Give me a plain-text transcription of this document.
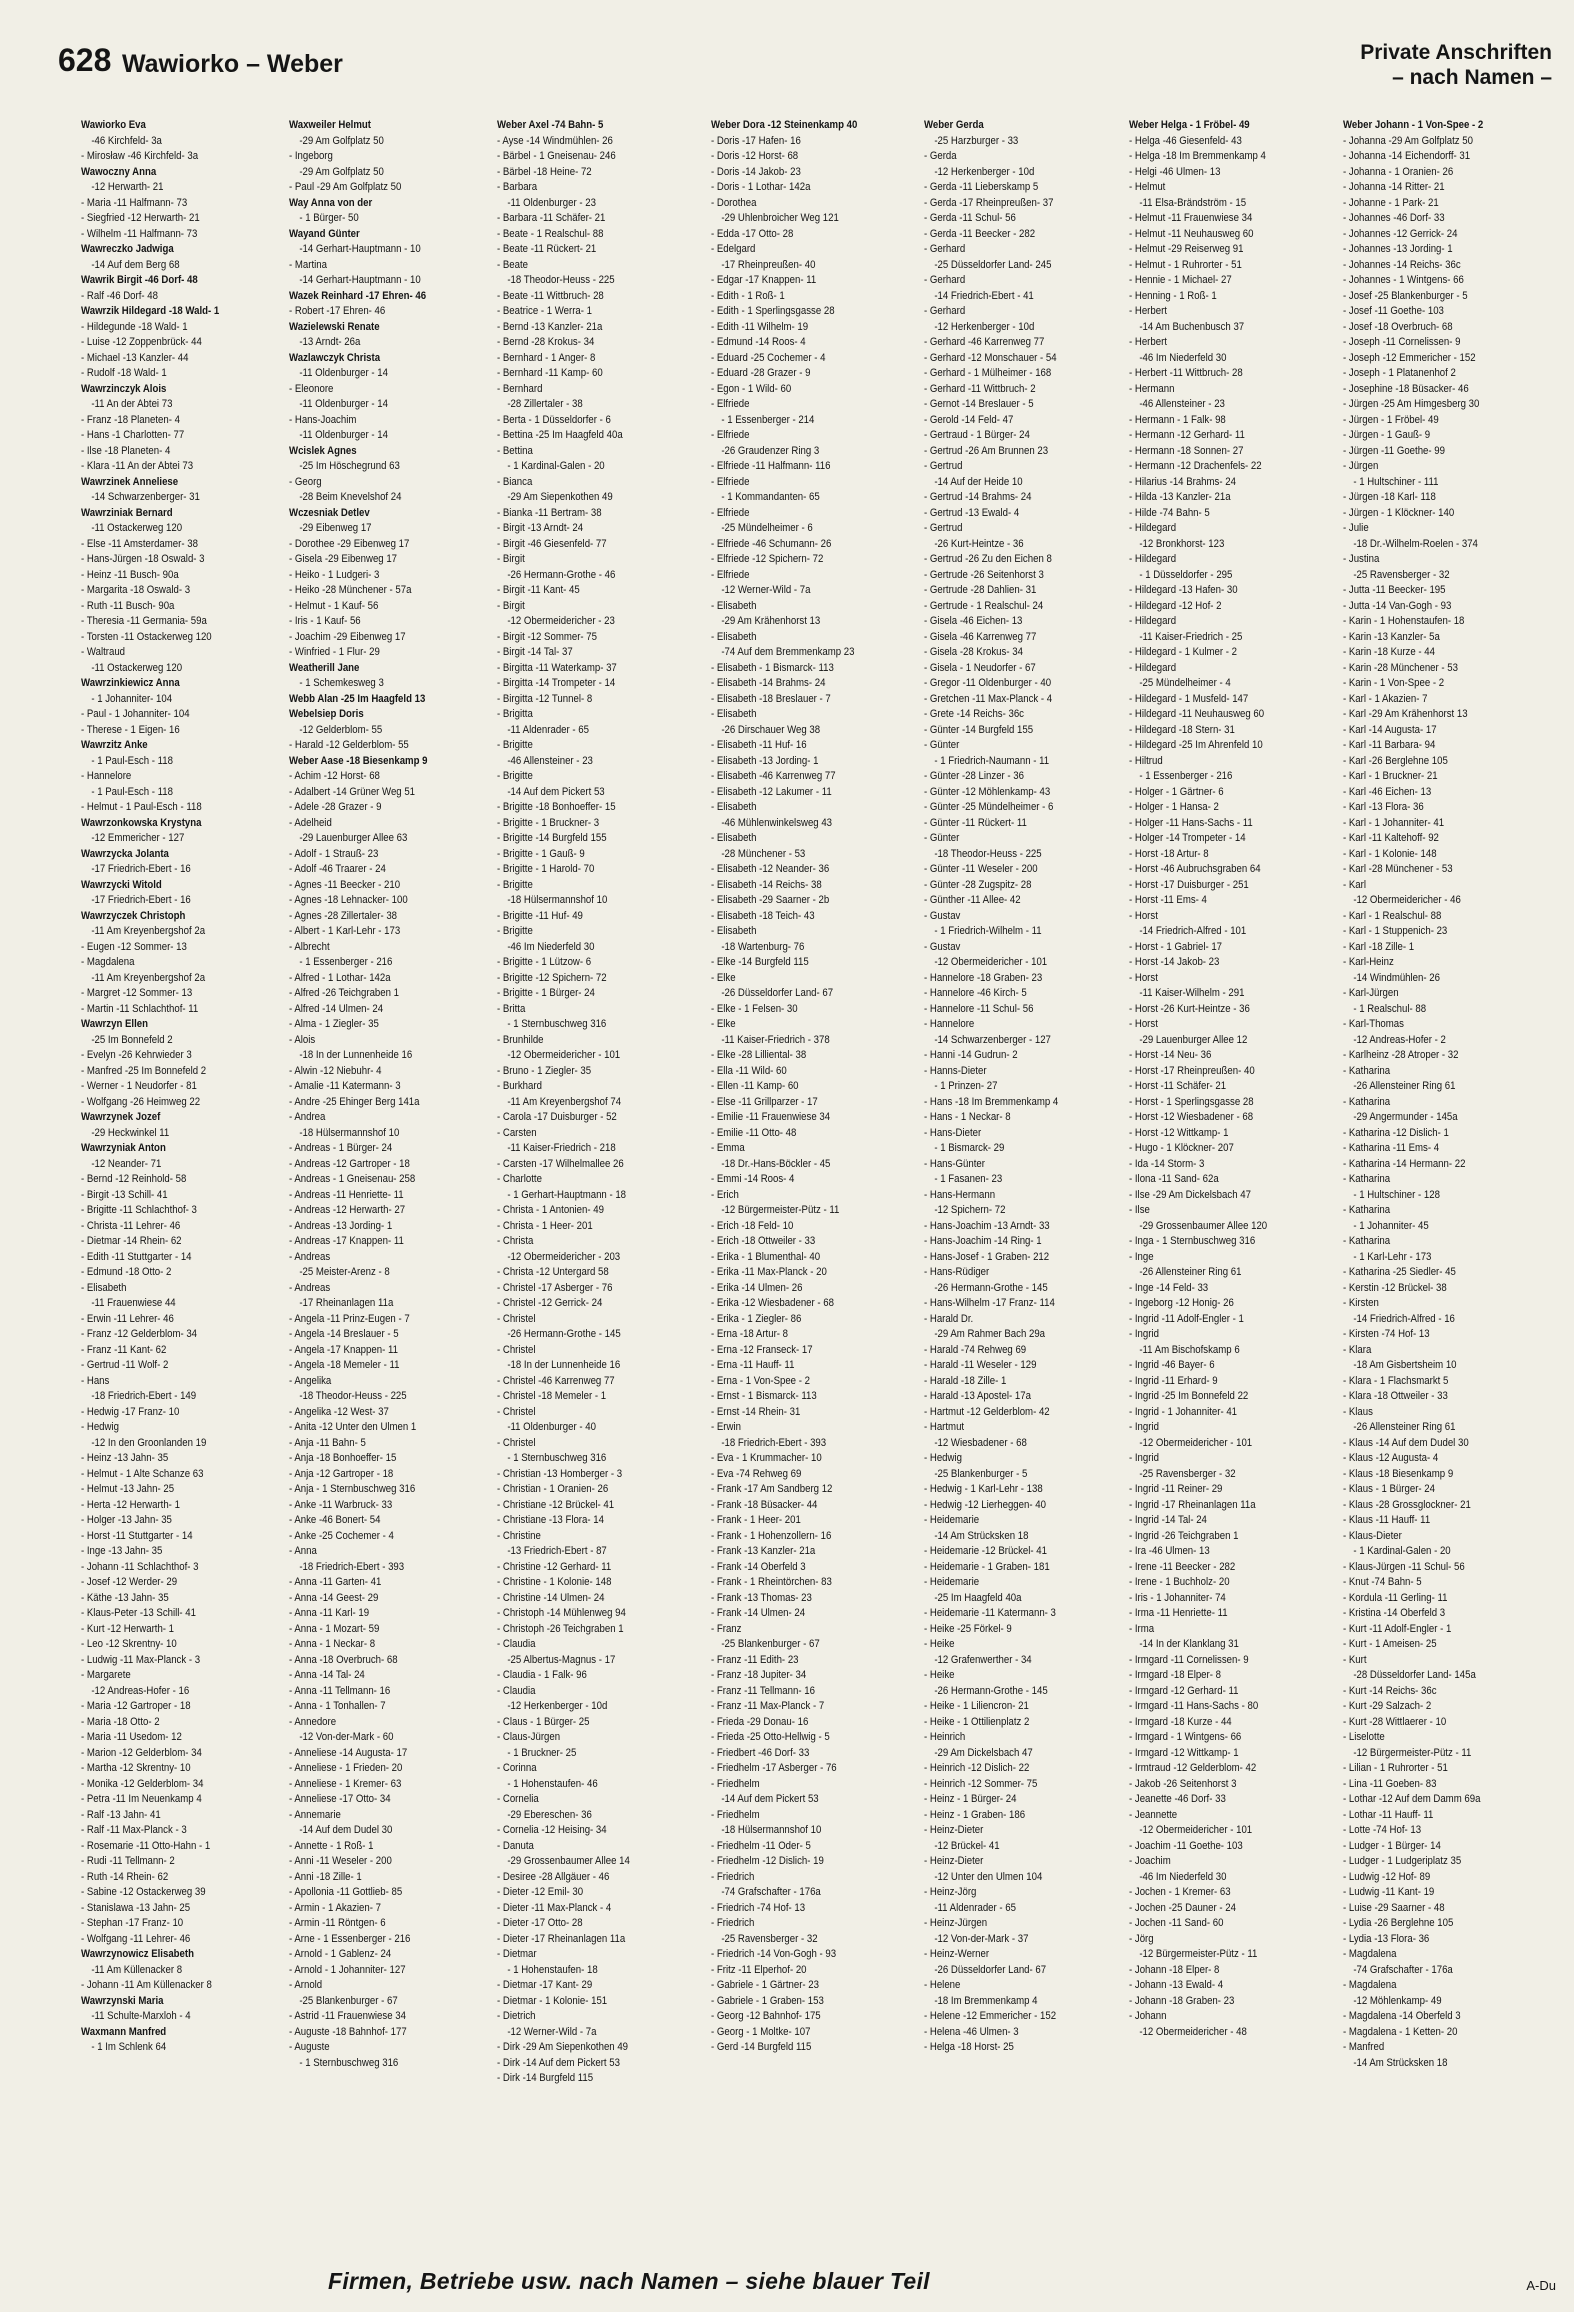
628 Wawiorko – Weber	Private Anschriften
– nach Namen –
Wawiorko Eva
-46 Kirchfeld- 3a
- Mirosław -46 Kirchfeld- 3a
Wawoczny Anna
-12 Herwarth- 21
- Maria -11 Halfmann- 73
- Siegfried -12 Herwarth- 21
- Wilhelm -11 Halfmann- 73
Wawreczko Jadwiga
-14 Auf dem Berg 68
Wawrik Birgit -46 Dorf- 48
- Ralf -46 Dorf- 48
Wawrzik Hildegard -18 Wald- 1
- Hildegunde -18 Wald- 1
- Luise -12 Zoppenbrück- 44
- Michael -13 Kanzler- 44
- Rudolf -18 Wald- 1
Wawrzinczyk Alois
-11 An der Abtei 73
- Franz -18 Planeten- 4
- Hans -1 Charlotten- 77
- Ilse -18 Planeten- 4
- Klara -11 An der Abtei 73
Wawrzinek Anneliese
-14 Schwarzenberger- 31
Wawrziniak Bernard
-11 Ostackerweg 120
- Else -11 Amsterdamer- 38
- Hans-Jürgen -18 Oswald- 3
- Heinz -11 Busch- 90a
- Margarita -18 Oswald- 3
- Ruth -11 Busch- 90a
- Theresia -11 Germania- 59a
- Torsten -11 Ostackerweg 120
- Waltraud
-11 Ostackerweg 120
Wawrzinkiewicz Anna
- 1 Johanniter- 104
- Paul - 1 Johanniter- 104
- Therese - 1 Eigen- 16
Wawrzitz Anke
- 1 Paul-Esch - 118
- Hannelore
- 1 Paul-Esch - 118
- Helmut - 1 Paul-Esch - 118
Wawrzonkowska Krystyna
-12 Emmericher - 127
Wawrzycka Jolanta
-17 Friedrich-Ebert - 16
Wawrzycki Witold
-17 Friedrich-Ebert - 16
Wawrzyczek Christoph
-11 Am Kreyenbergshof 2a
- Eugen -12 Sommer- 13
- Magdalena
-11 Am Kreyenbergshof 2a
- Margret -12 Sommer- 13
- Martin -11 Schlachthof- 11
Wawrzyn Ellen
-25 Im Bonnefeld 2
- Evelyn -26 Kehrwieder 3
- Manfred -25 Im Bonnefeld 2
- Werner - 1 Neudorfer - 81
- Wolfgang -26 Heimweg 22
Wawrzynek Jozef
-29 Heckwinkel 11
Wawrzyniak Anton
-12 Neander- 71
- Bernd -12 Reinhold- 58
- Birgit -13 Schill- 41
- Brigitte -11 Schlachthof- 3
- Christa -11 Lehrer- 46
- Dietmar -14 Rhein- 62
- Edith -11 Stuttgarter - 14
- Edmund -18 Otto- 2
- Elisabeth
-11 Frauenwiese 44
- Erwin -11 Lehrer- 46
- Franz -12 Gelderblom- 34
- Franz -11 Kant- 62
- Gertrud -11 Wolf- 2
- Hans
-18 Friedrich-Ebert - 149
- Hedwig -17 Franz- 10
- Hedwig
-12 In den Groonlanden 19
- Heinz -13 Jahn- 35
- Helmut - 1 Alte Schanze 63
- Helmut -13 Jahn- 25
- Herta -12 Herwarth- 1
- Holger -13 Jahn- 35
- Horst -11 Stuttgarter - 14
- Inge -13 Jahn- 35
- Johann -11 Schlachthof- 3
- Josef -12 Werder- 29
- Käthe -13 Jahn- 35
- Klaus-Peter -13 Schill- 41
- Kurt -12 Herwarth- 1
- Leo -12 Skrentny- 10
- Ludwig -11 Max-Planck - 3
- Margarete
-12 Andreas-Hofer - 16
- Maria -12 Gartroper - 18
- Maria -18 Otto- 2
- Maria -11 Usedom- 12
- Marion -12 Gelderblom- 34
- Martha -12 Skrentny- 10
- Monika -12 Gelderblom- 34
- Petra -11 Im Neuenkamp 4
- Ralf -13 Jahn- 41
- Ralf -11 Max-Planck - 3
- Rosemarie -11 Otto-Hahn - 1
- Rudi -11 Tellmann- 2
- Ruth -14 Rhein- 62
- Sabine -12 Ostackerweg 39
- Stanislawa -13 Jahn- 25
- Stephan -17 Franz- 10
- Wolfgang -11 Lehrer- 46
Wawrzynowicz Elisabeth
-11 Am Küllenacker 8
- Johann -11 Am Küllenacker 8
Wawrzynski Maria
-11 Schulte-Marxloh - 4
Waxmann Manfred
- 1 Im Schlenk 64
Waxweiler Helmut
-29 Am Golfplatz 50
- Ingeborg
-29 Am Golfplatz 50
- Paul -29 Am Golfplatz 50
Way Anna von der
- 1 Bürger- 50
Wayand Günter
-14 Gerhart-Hauptmann - 10
- Martina
-14 Gerhart-Hauptmann - 10
Wazek Reinhard -17 Ehren- 46
- Robert -17 Ehren- 46
Wazielewski Renate
-13 Arndt- 26a
Wazlawczyk Christa
-11 Oldenburger - 14
- Eleonore
-11 Oldenburger - 14
- Hans-Joachim
-11 Oldenburger - 14
Wcislek Agnes
-25 Im Höschegrund 63
- Georg
-28 Beim Knevelshof 24
Wczesniak Detlev
-29 Eibenweg 17
- Dorothee -29 Eibenweg 17
- Gisela -29 Eibenweg 17
- Heiko - 1 Ludgeri- 3
- Heiko -28 Münchener - 57a
- Helmut - 1 Kauf- 56
- Iris - 1 Kauf- 56
- Joachim -29 Eibenweg 17
- Winfried - 1 Flur- 29
Weatherill Jane
- 1 Schemkesweg 3
Webb Alan -25 Im Haagfeld 13
Webelsiep Doris
-12 Gelderblom- 55
- Harald -12 Gelderblom- 55
Weber Aase -18 Biesenkamp 9
- Achim -12 Horst- 68
- Adalbert -14 Grüner Weg 51
- Adele -28 Grazer - 9
- Adelheid
-29 Lauenburger Allee 63
- Adolf - 1 Strauß- 23
- Adolf -46 Traarer - 24
- Agnes -11 Beecker - 210
- Agnes -18 Lehnacker- 100
- Agnes -28 Zillertaler- 38
- Albert - 1 Karl-Lehr - 173
- Albrecht
- 1 Essenberger - 216
- Alfred - 1 Lothar- 142a
- Alfred -26 Teichgraben 1
- Alfred -14 Ulmen- 24
- Alma - 1 Ziegler- 35
- Alois
-18 In der Lunnenheide 16
- Alwin -12 Niebuhr- 4
- Amalie -11 Katermann- 3
- Andre -25 Ehinger Berg 141a
- Andrea
-18 Hülsermannshof 10
- Andreas - 1 Bürger- 24
- Andreas -12 Gartroper - 18
- Andreas - 1 Gneisenau- 258
- Andreas -11 Henriette- 11
- Andreas -12 Herwarth- 27
- Andreas -13 Jording- 1
- Andreas -17 Knappen- 11
- Andreas
-25 Meister-Arenz - 8
- Andreas
-17 Rheinanlagen 11a
- Angela -11 Prinz-Eugen - 7
- Angela -14 Breslauer - 5
- Angela -17 Knappen- 11
- Angela -18 Memeler - 11
- Angelika
-18 Theodor-Heuss - 225
- Angelika -12 West- 37
- Anita -12 Unter den Ulmen 1
- Anja -11 Bahn- 5
- Anja -18 Bonhoeffer- 15
- Anja -12 Gartroper - 18
- Anja - 1 Sternbuschweg 316
- Anke -11 Warbruck- 33
- Anke -46 Bonert- 54
- Anke -25 Cochemer - 4
- Anna
-18 Friedrich-Ebert - 393
- Anna -11 Garten- 41
- Anna -14 Geest- 29
- Anna -11 Karl- 19
- Anna - 1 Mozart- 59
- Anna - 1 Neckar- 8
- Anna -18 Overbruch- 68
- Anna -14 Tal- 24
- Anna -11 Tellmann- 16
- Anna - 1 Tonhallen- 7
- Annedore
-12 Von-der-Mark - 60
- Anneliese -14 Augusta- 17
- Anneliese - 1 Frieden- 20
- Anneliese - 1 Kremer- 63
- Anneliese -17 Otto- 34
- Annemarie
-14 Auf dem Dudel 30
- Annette - 1 Roß- 1
- Anni -11 Weseler - 200
- Anni -18 Zille- 1
- Apollonia -11 Gottlieb- 85
- Armin - 1 Akazien- 7
- Armin -11 Röntgen- 6
- Arne - 1 Essenberger - 216
- Arnold - 1 Gablenz- 24
- Arnold - 1 Johanniter- 127
- Arnold
-25 Blankenburger - 67
- Astrid -11 Frauenwiese 34
- Auguste -18 Bahnhof- 177
- Auguste
- 1 Sternbuschweg 316
Weber Axel -74 Bahn- 5
- Ayse -14 Windmühlen- 26
- Bärbel - 1 Gneisenau- 246
- Bärbel -18 Heine- 72
- Barbara
-11 Oldenburger - 23
- Barbara -11 Schäfer- 21
- Beate - 1 Realschul- 88
- Beate -11 Rückert- 21
- Beate
-18 Theodor-Heuss - 225
- Beate -11 Wittbruch- 28
- Beatrice - 1 Werra- 1
- Bernd -13 Kanzler- 21a
- Bernd -28 Krokus- 34
- Bernhard - 1 Anger- 8
- Bernhard -11 Kamp- 60
- Bernhard
-28 Zillertaler - 38
- Berta - 1 Düsseldorfer - 6
- Bettina -25 Im Haagfeld 40a
- Bettina
- 1 Kardinal-Galen - 20
- Bianca
-29 Am Siepenkothen 49
- Bianka -11 Bertram- 38
- Birgit -13 Arndt- 24
- Birgit -46 Giesenfeld- 77
- Birgit
-26 Hermann-Grothe - 46
- Birgit -11 Kant- 45
- Birgit
-12 Obermeidericher - 23
- Birgit -12 Sommer- 75
- Birgit -14 Tal- 37
- Birgitta -11 Waterkamp- 37
- Birgitta -14 Trompeter - 14
- Birgitta -12 Tunnel- 8
- Brigitta
-11 Aldenrader - 65
- Brigitte
-46 Allensteiner - 23
- Brigitte
-14 Auf dem Pickert 53
- Brigitte -18 Bonhoeffer- 15
- Brigitte - 1 Bruckner- 3
- Brigitte -14 Burgfeld 155
- Brigitte - 1 Gauß- 9
- Brigitte - 1 Harold- 70
- Brigitte
-18 Hülsermannshof 10
- Brigitte -11 Huf- 49
- Brigitte
-46 Im Niederfeld 30
- Brigitte - 1 Lützow- 6
- Brigitte -12 Spichern- 72
- Brigitte - 1 Bürger- 24
- Britta
- 1 Sternbuschweg 316
- Brunhilde
-12 Obermeidericher - 101
- Bruno - 1 Ziegler- 35
- Burkhard
-11 Am Kreyenbergshof 74
- Carola -17 Duisburger - 52
- Carsten
-11 Kaiser-Friedrich - 218
- Carsten -17 Wilhelmallee 26
- Charlotte
- 1 Gerhart-Hauptmann - 18
- Christa - 1 Antonien- 49
- Christa - 1 Heer- 201
- Christa
-12 Obermeidericher - 203
- Christa -12 Untergard 58
- Christel -17 Asberger - 76
- Christel -12 Gerrick- 24
- Christel
-26 Hermann-Grothe - 145
- Christel
-18 In der Lunnenheide 16
- Christel -46 Karrenweg 77
- Christel -18 Memeler - 1
- Christel
-11 Oldenburger - 40
- Christel
- 1 Sternbuschweg 316
- Christian -13 Homberger - 3
- Christian - 1 Oranien- 26
- Christiane -12 Brückel- 41
- Christiane -13 Flora- 14
- Christine
-13 Friedrich-Ebert - 87
- Christine -12 Gerhard- 11
- Christine - 1 Kolonie- 148
- Christine -14 Ulmen- 24
- Christoph -14 Mühlenweg 94
- Christoph -26 Teichgraben 1
- Claudia
-25 Albertus-Magnus - 17
- Claudia - 1 Falk- 96
- Claudia
-12 Herkenberger - 10d
- Claus - 1 Bürger- 25
- Claus-Jürgen
- 1 Bruckner- 25
- Corinna
- 1 Hohenstaufen- 46
- Cornelia
-29 Ebereschen- 36
- Cornelia -12 Heising- 34
- Danuta
-29 Grossenbaumer Allee 14
- Desiree -28 Allgäuer - 46
- Dieter -12 Emil- 30
- Dieter -11 Max-Planck - 4
- Dieter -17 Otto- 28
- Dieter -17 Rheinanlagen 11a
- Dietmar
- 1 Hohenstaufen- 18
- Dietmar -17 Kant- 29
- Dietmar - 1 Kolonie- 151
- Dietrich
-12 Werner-Wild - 7a
- Dirk -29 Am Siepenkothen 49
- Dirk -14 Auf dem Pickert 53
- Dirk -14 Burgfeld 115
Weber Dora -12 Steinenkamp 40
- Doris -17 Hafen- 16
- Doris -12 Horst- 68
- Doris -14 Jakob- 23
- Doris - 1 Lothar- 142a
- Dorothea
-29 Uhlenbroicher Weg 121
- Edda -17 Otto- 28
- Edelgard
-17 Rheinpreußen- 40
- Edgar -17 Knappen- 11
- Edith - 1 Roß- 1
- Edith - 1 Sperlingsgasse 28
- Edith -11 Wilhelm- 19
- Edmund -14 Roos- 4
- Eduard -25 Cochemer - 4
- Eduard -28 Grazer - 9
- Egon - 1 Wild- 60
- Elfriede
- 1 Essenberger - 214
- Elfriede
-26 Graudenzer Ring 3
- Elfriede -11 Halfmann- 116
- Elfriede
- 1 Kommandanten- 65
- Elfriede
-25 Mündelheimer - 6
- Elfriede -46 Schumann- 26
- Elfriede -12 Spichern- 72
- Elfriede
-12 Werner-Wild - 7a
- Elisabeth
-29 Am Krähenhorst 13
- Elisabeth
-74 Auf dem Bremmenkamp 23
- Elisabeth - 1 Bismarck- 113
- Elisabeth -14 Brahms- 24
- Elisabeth -18 Breslauer - 7
- Elisabeth
-26 Dirschauer Weg 38
- Elisabeth -11 Huf- 16
- Elisabeth -13 Jording- 1
- Elisabeth -46 Karrenweg 77
- Elisabeth -12 Lakumer - 11
- Elisabeth
-46 Mühlenwinkelsweg 43
- Elisabeth
-28 Münchener - 53
- Elisabeth -12 Neander- 36
- Elisabeth -14 Reichs- 38
- Elisabeth -29 Saarner - 2b
- Elisabeth -18 Teich- 43
- Elisabeth
-18 Wartenburg- 76
- Elke -14 Burgfeld 115
- Elke
-26 Düsseldorfer Land- 67
- Elke - 1 Felsen- 30
- Elke
-11 Kaiser-Friedrich - 378
- Elke -28 Lilliental- 38
- Ella -11 Wild- 60
- Ellen -11 Kamp- 60
- Else -11 Grillparzer - 17
- Emilie -11 Frauenwiese 34
- Emilie -11 Otto- 48
- Emma
-18 Dr.-Hans-Böckler - 45
- Emmi -14 Roos- 4
- Erich
-12 Bürgermeister-Pütz - 11
- Erich -18 Feld- 10
- Erich -18 Ottweiler - 33
- Erika - 1 Blumenthal- 40
- Erika -11 Max-Planck - 20
- Erika -14 Ulmen- 26
- Erika -12 Wiesbadener - 68
- Erika - 1 Ziegler- 86
- Erna -18 Artur- 8
- Erna -12 Franseck- 17
- Erna -11 Hauff- 11
- Erna - 1 Von-Spee - 2
- Ernst - 1 Bismarck- 113
- Ernst -14 Rhein- 31
- Erwin
-18 Friedrich-Ebert - 393
- Eva - 1 Krummacher- 10
- Eva -74 Rehweg 69
- Frank -17 Am Sandberg 12
- Frank -18 Büsacker- 44
- Frank - 1 Heer- 201
- Frank - 1 Hohenzollern- 16
- Frank -13 Kanzler- 21a
- Frank -14 Oberfeld 3
- Frank - 1 Rheintörchen- 83
- Frank -13 Thomas- 23
- Frank -14 Ulmen- 24
- Franz
-25 Blankenburger - 67
- Franz -11 Edith- 23
- Franz -18 Jupiter- 34
- Franz -11 Tellmann- 16
- Franz -11 Max-Planck - 7
- Frieda -29 Donau- 16
- Frieda -25 Otto-Hellwig - 5
- Friedbert -46 Dorf- 33
- Friedhelm -17 Asberger - 76
- Friedhelm
-14 Auf dem Pickert 53
- Friedhelm
-18 Hülsermannshof 10
- Friedhelm -11 Oder- 5
- Friedhelm -12 Dislich- 19
- Friedrich
-74 Grafschafter - 176a
- Friedrich -74 Hof- 13
- Friedrich
-25 Ravensberger - 32
- Friedrich -14 Von-Gogh - 93
- Fritz -11 Elperhof- 20
- Gabriele - 1 Gärtner- 23
- Gabriele - 1 Graben- 153
- Georg -12 Bahnhof- 175
- Georg - 1 Moltke- 107
- Gerd -14 Burgfeld 115
Weber Gerda
-25 Harzburger - 33
- Gerda
-12 Herkenberger - 10d
- Gerda -11 Lieberskamp 5
- Gerda -17 Rheinpreußen- 37
- Gerda -11 Schul- 56
- Gerda -11 Beecker - 282
- Gerhard
-25 Düsseldorfer Land- 245
- Gerhard
-14 Friedrich-Ebert - 41
- Gerhard
-12 Herkenberger - 10d
- Gerhard -46 Karrenweg 77
- Gerhard -12 Monschauer - 54
- Gerhard - 1 Mülheimer - 168
- Gerhard -11 Wittbruch- 2
- Gernot -14 Breslauer - 5
- Gerold -14 Feld- 47
- Gertraud - 1 Bürger- 24
- Gertrud -26 Am Brunnen 23
- Gertrud
-14 Auf der Heide 10
- Gertrud -14 Brahms- 24
- Gertrud -13 Ewald- 4
- Gertrud
-26 Kurt-Heintze - 36
- Gertrud -26 Zu den Eichen 8
- Gertrude -26 Seitenhorst 3
- Gertrude -28 Dahlien- 31
- Gertrude - 1 Realschul- 24
- Gisela -46 Eichen- 13
- Gisela -46 Karrenweg 77
- Gisela -28 Krokus- 34
- Gisela - 1 Neudorfer - 67
- Gregor -11 Oldenburger - 40
- Gretchen -11 Max-Planck - 4
- Grete -14 Reichs- 36c
- Günter -14 Burgfeld 155
- Günter
- 1 Friedrich-Naumann - 11
- Günter -28 Linzer - 36
- Günter -12 Möhlenkamp- 43
- Günter -25 Mündelheimer - 6
- Günter -11 Rückert- 11
- Günter
-18 Theodor-Heuss - 225
- Günter -11 Weseler - 200
- Günter -28 Zugspitz- 28
- Günther -11 Allee- 42
- Gustav
- 1 Friedrich-Wilhelm - 11
- Gustav
-12 Obermeidericher - 101
- Hannelore -18 Graben- 23
- Hannelore -46 Kirch- 5
- Hannelore -11 Schul- 56
- Hannelore
-14 Schwarzenberger - 127
- Hanni -14 Gudrun- 2
- Hanns-Dieter
- 1 Prinzen- 27
- Hans -18 Im Bremmenkamp 4
- Hans - 1 Neckar- 8
- Hans-Dieter
- 1 Bismarck- 29
- Hans-Günter
- 1 Fasanen- 23
- Hans-Hermann
-12 Spichern- 72
- Hans-Joachim -13 Arndt- 33
- Hans-Joachim -14 Ring- 1
- Hans-Josef - 1 Graben- 212
- Hans-Rüdiger
-26 Hermann-Grothe - 145
- Hans-Wilhelm -17 Franz- 114
- Harald Dr.
-29 Am Rahmer Bach 29a
- Harald -74 Rehweg 69
- Harald -11 Weseler - 129
- Harald -18 Zille- 1
- Harald -13 Apostel- 17a
- Hartmut -12 Gelderblom- 42
- Hartmut
-12 Wiesbadener - 68
- Hedwig
-25 Blankenburger - 5
- Hedwig - 1 Karl-Lehr - 138
- Hedwig -12 Lierheggen- 40
- Heidemarie
-14 Am Strücksken 18
- Heidemarie -12 Brückel- 41
- Heidemarie - 1 Graben- 181
- Heidemarie
-25 Im Haagfeld 40a
- Heidemarie -11 Katermann- 3
- Heike -25 Förkel- 9
- Heike
-12 Grafenwerther - 34
- Heike
-26 Hermann-Grothe - 145
- Heike - 1 Liliencron- 21
- Heike - 1 Ottilienplatz 2
- Heinrich
-29 Am Dickelsbach 47
- Heinrich -12 Dislich- 22
- Heinrich -12 Sommer- 75
- Heinz - 1 Bürger- 24
- Heinz - 1 Graben- 186
- Heinz-Dieter
-12 Brückel- 41
- Heinz-Dieter
-12 Unter den Ulmen 104
- Heinz-Jörg
-11 Aldenrader - 65
- Heinz-Jürgen
-12 Von-der-Mark - 37
- Heinz-Werner
-26 Düsseldorfer Land- 67
- Helene
-18 Im Bremmenkamp 4
- Helene -12 Emmericher - 152
- Helena -46 Ulmen- 3
- Helga -18 Horst- 25
Weber Helga - 1 Fröbel- 49
- Helga -46 Giesenfeld- 43
- Helga -18 Im Bremmenkamp 4
- Helgi -46 Ulmen- 13
- Helmut
-11 Elsa-Brändström - 15
- Helmut -11 Frauenwiese 34
- Helmut -11 Neuhausweg 60
- Helmut -29 Reiserweg 91
- Helmut - 1 Ruhrorter - 51
- Hennie - 1 Michael- 27
- Henning - 1 Roß- 1
- Herbert
-14 Am Buchenbusch 37
- Herbert
-46 Im Niederfeld 30
- Herbert -11 Wittbruch- 28
- Hermann
-46 Allensteiner - 23
- Hermann - 1 Falk- 98
- Hermann -12 Gerhard- 11
- Hermann -18 Sonnen- 27
- Hermann -12 Drachenfels- 22
- Hilarius -14 Brahms- 24
- Hilda -13 Kanzler- 21a
- Hilde -74 Bahn- 5
- Hildegard
-12 Bronkhorst- 123
- Hildegard
- 1 Düsseldorfer - 295
- Hildegard -13 Hafen- 30
- Hildegard -12 Hof- 2
- Hildegard
-11 Kaiser-Friedrich - 25
- Hildegard - 1 Kulmer - 2
- Hildegard
-25 Mündelheimer - 4
- Hildegard - 1 Musfeld- 147
- Hildegard -11 Neuhausweg 60
- Hildegard -18 Stern- 31
- Hildegard -25 Im Ahrenfeld 10
- Hiltrud
- 1 Essenberger - 216
- Holger - 1 Gärtner- 6
- Holger - 1 Hansa- 2
- Holger -11 Hans-Sachs - 11
- Holger -14 Trompeter - 14
- Horst -18 Artur- 8
- Horst -46 Aubruchsgraben 64
- Horst -17 Duisburger - 251
- Horst -11 Ems- 4
- Horst
-14 Friedrich-Alfred - 101
- Horst - 1 Gabriel- 17
- Horst -14 Jakob- 23
- Horst
-11 Kaiser-Wilhelm - 291
- Horst -26 Kurt-Heintze - 36
- Horst
-29 Lauenburger Allee 12
- Horst -14 Neu- 36
- Horst -17 Rheinpreußen- 40
- Horst -11 Schäfer- 21
- Horst - 1 Sperlingsgasse 28
- Horst -12 Wiesbadener - 68
- Horst -12 Wittkamp- 1
- Hugo - 1 Klöckner- 207
- Ida -14 Storm- 3
- Ilona -11 Sand- 62a
- Ilse -29 Am Dickelsbach 47
- Ilse
-29 Grossenbaumer Allee 120
- Inga - 1 Sternbuschweg 316
- Inge
-26 Allensteiner Ring 61
- Inge -14 Feld- 33
- Ingeborg -12 Honig- 26
- Ingrid -11 Adolf-Engler - 1
- Ingrid
-11 Am Bischofskamp 6
- Ingrid -46 Bayer- 6
- Ingrid -11 Erhard- 9
- Ingrid -25 Im Bonnefeld 22
- Ingrid - 1 Johanniter- 41
- Ingrid
-12 Obermeidericher - 101
- Ingrid
-25 Ravensberger - 32
- Ingrid -11 Reiner- 29
- Ingrid -17 Rheinanlagen 11a
- Ingrid -14 Tal- 24
- Ingrid -26 Teichgraben 1
- Ira -46 Ulmen- 13
- Irene -11 Beecker - 282
- Irene - 1 Buchholz- 20
- Iris - 1 Johanniter- 74
- Irma -11 Henriette- 11
- Irma
-14 In der Klanklang 31
- Irmgard -11 Cornelissen- 9
- Irmgard -18 Elper- 8
- Irmgard -12 Gerhard- 11
- Irmgard -11 Hans-Sachs - 80
- Irmgard -18 Kurze - 44
- Irmgard - 1 Wintgens- 66
- Irmgard -12 Wittkamp- 1
- Irmtraud -12 Gelderblom- 42
- Jakob -26 Seitenhorst 3
- Jeanette -46 Dorf- 33
- Jeannette
-12 Obermeidericher - 101
- Joachim -11 Goethe- 103
- Joachim
-46 Im Niederfeld 30
- Jochen - 1 Kremer- 63
- Jochen -25 Dauner - 24
- Jochen -11 Sand- 60
- Jörg
-12 Bürgermeister-Pütz - 11
- Johann -18 Elper- 8
- Johann -13 Ewald- 4
- Johann -18 Graben- 23
- Johann
-12 Obermeidericher - 48
Weber Johann - 1 Von-Spee - 2
- Johanna -29 Am Golfplatz 50
- Johanna -14 Eichendorff- 31
- Johanna - 1 Oranien- 26
- Johanna -14 Ritter- 21
- Johanne - 1 Park- 21
- Johannes -46 Dorf- 33
- Johannes -12 Gerrick- 24
- Johannes -13 Jording- 1
- Johannes -14 Reichs- 36c
- Johannes - 1 Wintgens- 66
- Josef -25 Blankenburger - 5
- Josef -11 Goethe- 103
- Josef -18 Overbruch- 68
- Joseph -11 Cornelissen- 9
- Joseph -12 Emmericher - 152
- Joseph - 1 Platanenhof 2
- Josephine -18 Büsacker- 46
- Jürgen -25 Am Himgesberg 30
- Jürgen - 1 Fröbel- 49
- Jürgen - 1 Gauß- 9
- Jürgen -11 Goethe- 99
- Jürgen
- 1 Hultschiner - 111
- Jürgen -18 Karl- 118
- Jürgen - 1 Klöckner- 140
- Julie
-18 Dr.-Wilhelm-Roelen - 374
- Justina
-25 Ravensberger - 32
- Jutta -11 Beecker- 195
- Jutta -14 Van-Gogh - 93
- Karin - 1 Hohenstaufen- 18
- Karin -13 Kanzler- 5a
- Karin -18 Kurze - 44
- Karin -28 Münchener - 53
- Karin - 1 Von-Spee - 2
- Karl - 1 Akazien- 7
- Karl -29 Am Krähenhorst 13
- Karl -14 Augusta- 17
- Karl -11 Barbara- 94
- Karl -26 Berglehne 105
- Karl - 1 Bruckner- 21
- Karl -46 Eichen- 13
- Karl -13 Flora- 36
- Karl - 1 Johanniter- 41
- Karl -11 Kaltehoff- 92
- Karl - 1 Kolonie- 148
- Karl -28 Münchener - 53
- Karl
-12 Obermeidericher - 46
- Karl - 1 Realschul- 88
- Karl - 1 Stuppenich- 23
- Karl -18 Zille- 1
- Karl-Heinz
-14 Windmühlen- 26
- Karl-Jürgen
- 1 Realschul- 88
- Karl-Thomas
-12 Andreas-Hofer - 2
- Karlheinz -28 Atroper - 32
- Katharina
-26 Allensteiner Ring 61
- Katharina
-29 Angermunder - 145a
- Katharina -12 Dislich- 1
- Katharina -11 Ems- 4
- Katharina -14 Hermann- 22
- Katharina
- 1 Hultschiner - 128
- Katharina
- 1 Johanniter- 45
- Katharina
- 1 Karl-Lehr - 173
- Katharina -25 Siedler- 45
- Kerstin -12 Brückel- 38
- Kirsten
-14 Friedrich-Alfred - 16
- Kirsten -74 Hof- 13
- Klara
-18 Am Gisbertsheim 10
- Klara - 1 Flachsmarkt 5
- Klara -18 Ottweiler - 33
- Klaus
-26 Allensteiner Ring 61
- Klaus -14 Auf dem Dudel 30
- Klaus -12 Augusta- 4
- Klaus -18 Biesenkamp 9
- Klaus - 1 Bürger- 24
- Klaus -28 Grossglockner- 21
- Klaus -11 Hauff- 11
- Klaus-Dieter
- 1 Kardinal-Galen - 20
- Klaus-Jürgen -11 Schul- 56
- Knut -74 Bahn- 5
- Kordula -11 Gerling- 11
- Kristina -14 Oberfeld 3
- Kurt -11 Adolf-Engler - 1
- Kurt - 1 Ameisen- 25
- Kurt
-28 Düsseldorfer Land- 145a
- Kurt -14 Reichs- 36c
- Kurt -29 Salzach- 2
- Kurt -28 Wittlaerer - 10
- Liselotte
-12 Bürgermeister-Pütz - 11
- Lilian - 1 Ruhrorter - 51
- Lina -11 Goeben- 83
- Lothar -12 Auf dem Damm 69a
- Lothar -11 Hauff- 11
- Lotte -74 Hof- 13
- Ludger - 1 Bürger- 14
- Ludger - 1 Ludgeriplatz 35
- Ludwig -12 Hof- 89
- Ludwig -11 Kant- 19
- Luise -29 Saarner - 48
- Lydia -26 Berglehne 105
- Lydia -13 Flora- 36
- Magdalena
-74 Grafschafter - 176a
- Magdalena
-12 Möhlenkamp- 49
- Magdalena -14 Oberfeld 3
- Magdalena - 1 Ketten- 20
- Manfred
-14 Am Strücksken 18
Firmen, Betriebe usw. nach Namen – siehe blauer Teil	A-Du
